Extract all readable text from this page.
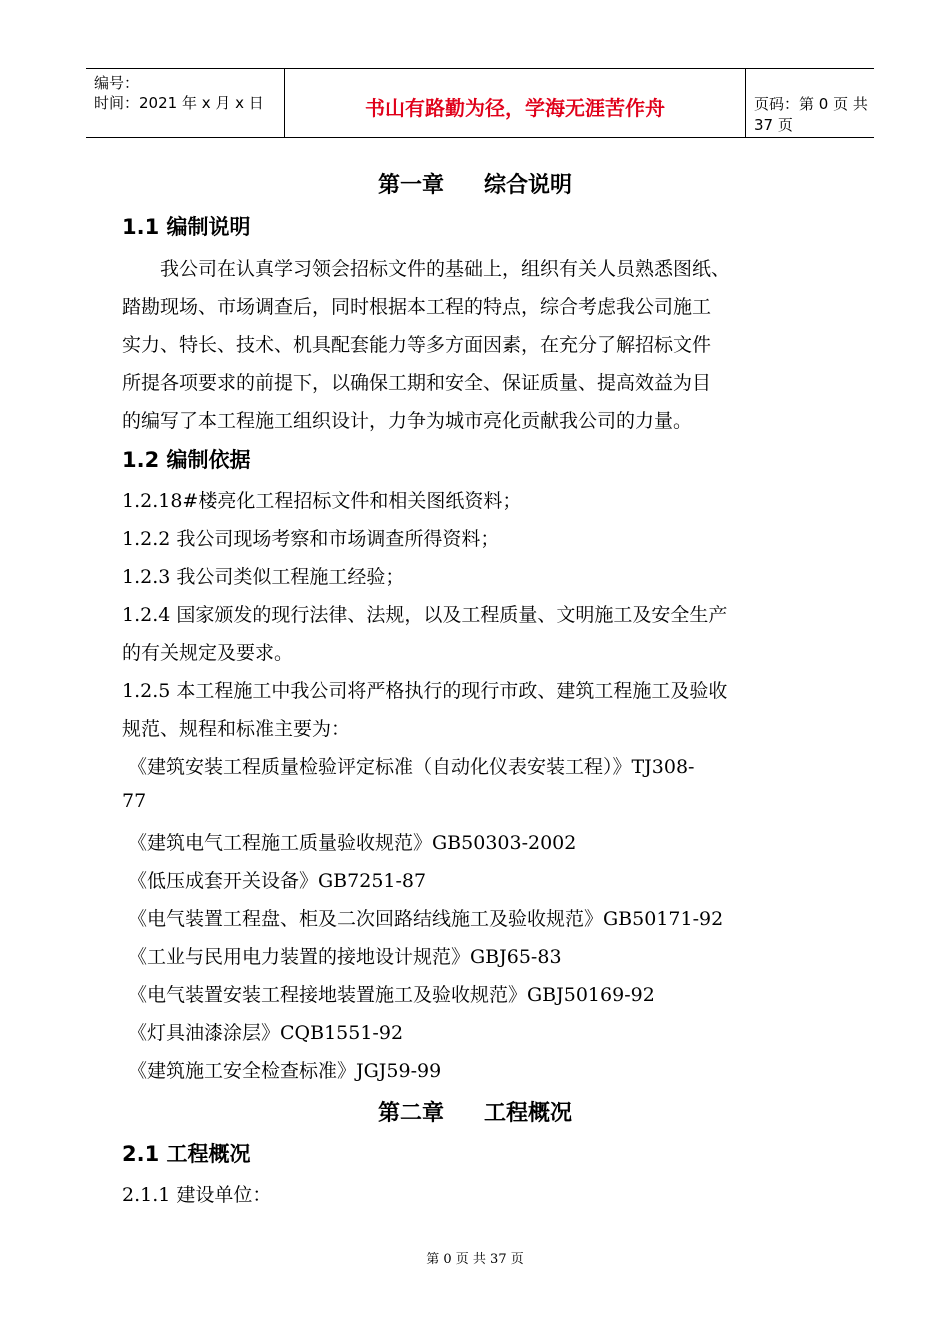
编号：
时间：2021 年 x 月 x 日	书山有路勤为径，学海无涯苦作舟	页码：第 0 页 共 37 页
第一章 综合说明
1.1 编制说明
我公司在认真学习领会招标文件的基础上，组织有关人员熟悉图纸、
踏勘现场、市场调查后，同时根据本工程的特点，综合考虑我公司施工
实力、特长、技术、机具配套能力等多方面因素，在充分了解招标文件
所提各项要求的前提下，以确保工期和安全、保证质量、提高效益为目
的编写了本工程施工组织设计，力争为城市亮化贡献我公司的力量。
1.2 编制依据
1.2.18#楼亮化工程招标文件和相关图纸资料；
1.2.2 我公司现场考察和市场调查所得资料；
1.2.3 我公司类似工程施工经验；
1.2.4 国家颁发的现行法律、法规，以及工程质量、文明施工及安全生产
的有关规定及要求。
1.2.5 本工程施工中我公司将严格执行的现行市政、建筑工程施工及验收
规范、规程和标准主要为：
《建筑安装工程质量检验评定标准（自动化仪表安装工程）》TJ308-
77
《建筑电气工程施工质量验收规范》GB50303-2002
《低压成套开关设备》GB7251-87
《电气装置工程盘、柜及二次回路结线施工及验收规范》GB50171-92
《工业与民用电力装置的接地设计规范》GBJ65-83
《电气装置安装工程接地装置施工及验收规范》GBJ50169-92
《灯具油漆涂层》CQB1551-92
《建筑施工安全检查标准》JGJ59-99
第二章 工程概况
2.1 工程概况
2.1.1 建设单位：
第 0 页 共 37 页
